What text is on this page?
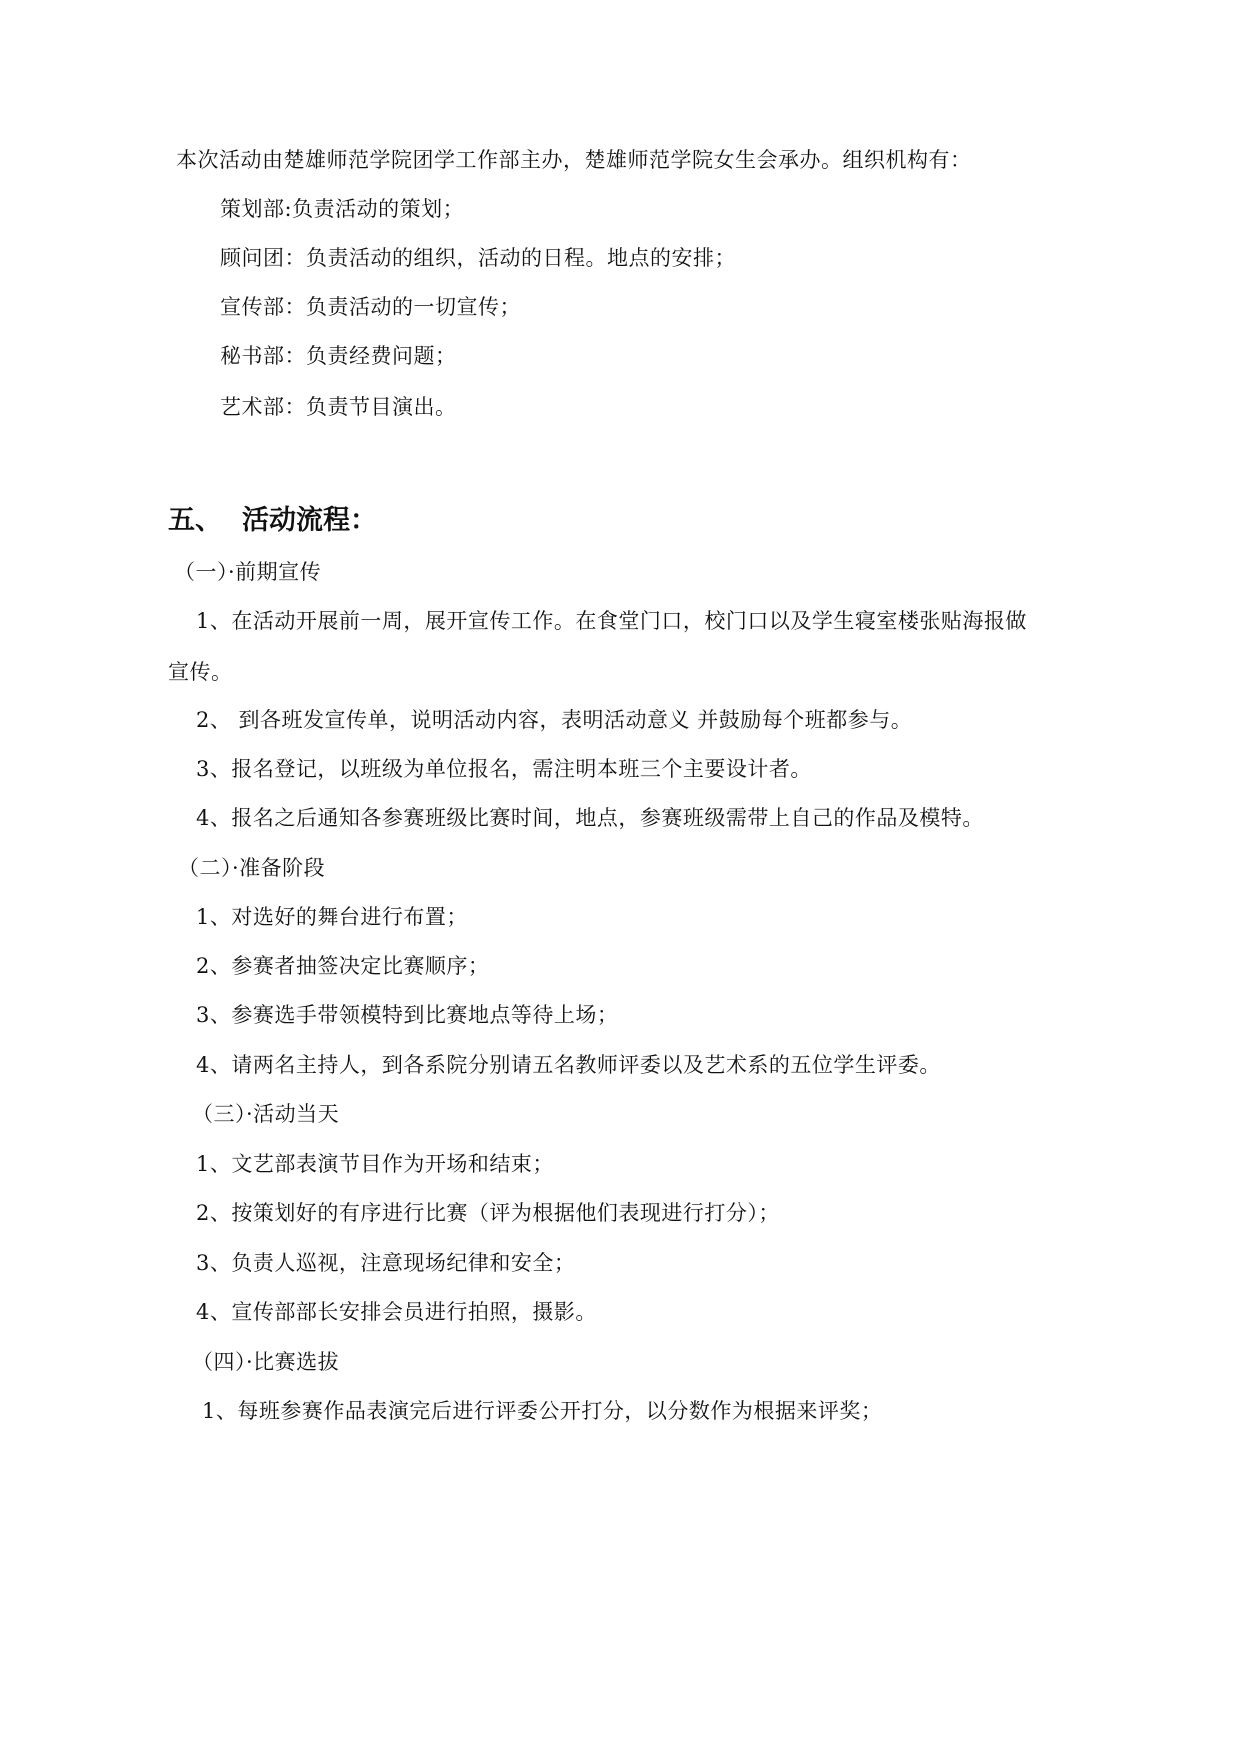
本次活动由楚雄师范学院团学工作部主办，楚雄师范学院女生会承办。组织机构有：
策划部:负责活动的策划；
顾问团：负责活动的组织，活动的日程。地点的安排；
宣传部：负责活动的一切宣传；
秘书部：负责经费问题；
艺术部：负责节目演出。
五、 活动流程：
（一）·前期宣传
1、在活动开展前一周，展开宣传工作。在食堂门口，校门口以及学生寝室楼张贴海报做
宣传。
2、 到各班发宣传单，说明活动内容，表明活动意义 并鼓励每个班都参与。
3、报名登记，以班级为单位报名，需注明本班三个主要设计者。
4、报名之后通知各参赛班级比赛时间，地点，参赛班级需带上自己的作品及模特。
（二）·准备阶段
1、对选好的舞台进行布置；
2、参赛者抽签决定比赛顺序；
3、参赛选手带领模特到比赛地点等待上场；
4、请两名主持人，到各系院分别请五名教师评委以及艺术系的五位学生评委。
（三）·活动当天
1、文艺部表演节目作为开场和结束；
2、按策划好的有序进行比赛（评为根据他们表现进行打分）；
3、负责人巡视，注意现场纪律和安全；
4、宣传部部长安排会员进行拍照，摄影。
（四）·比赛选拔
1、每班参赛作品表演完后进行评委公开打分，以分数作为根据来评奖；
